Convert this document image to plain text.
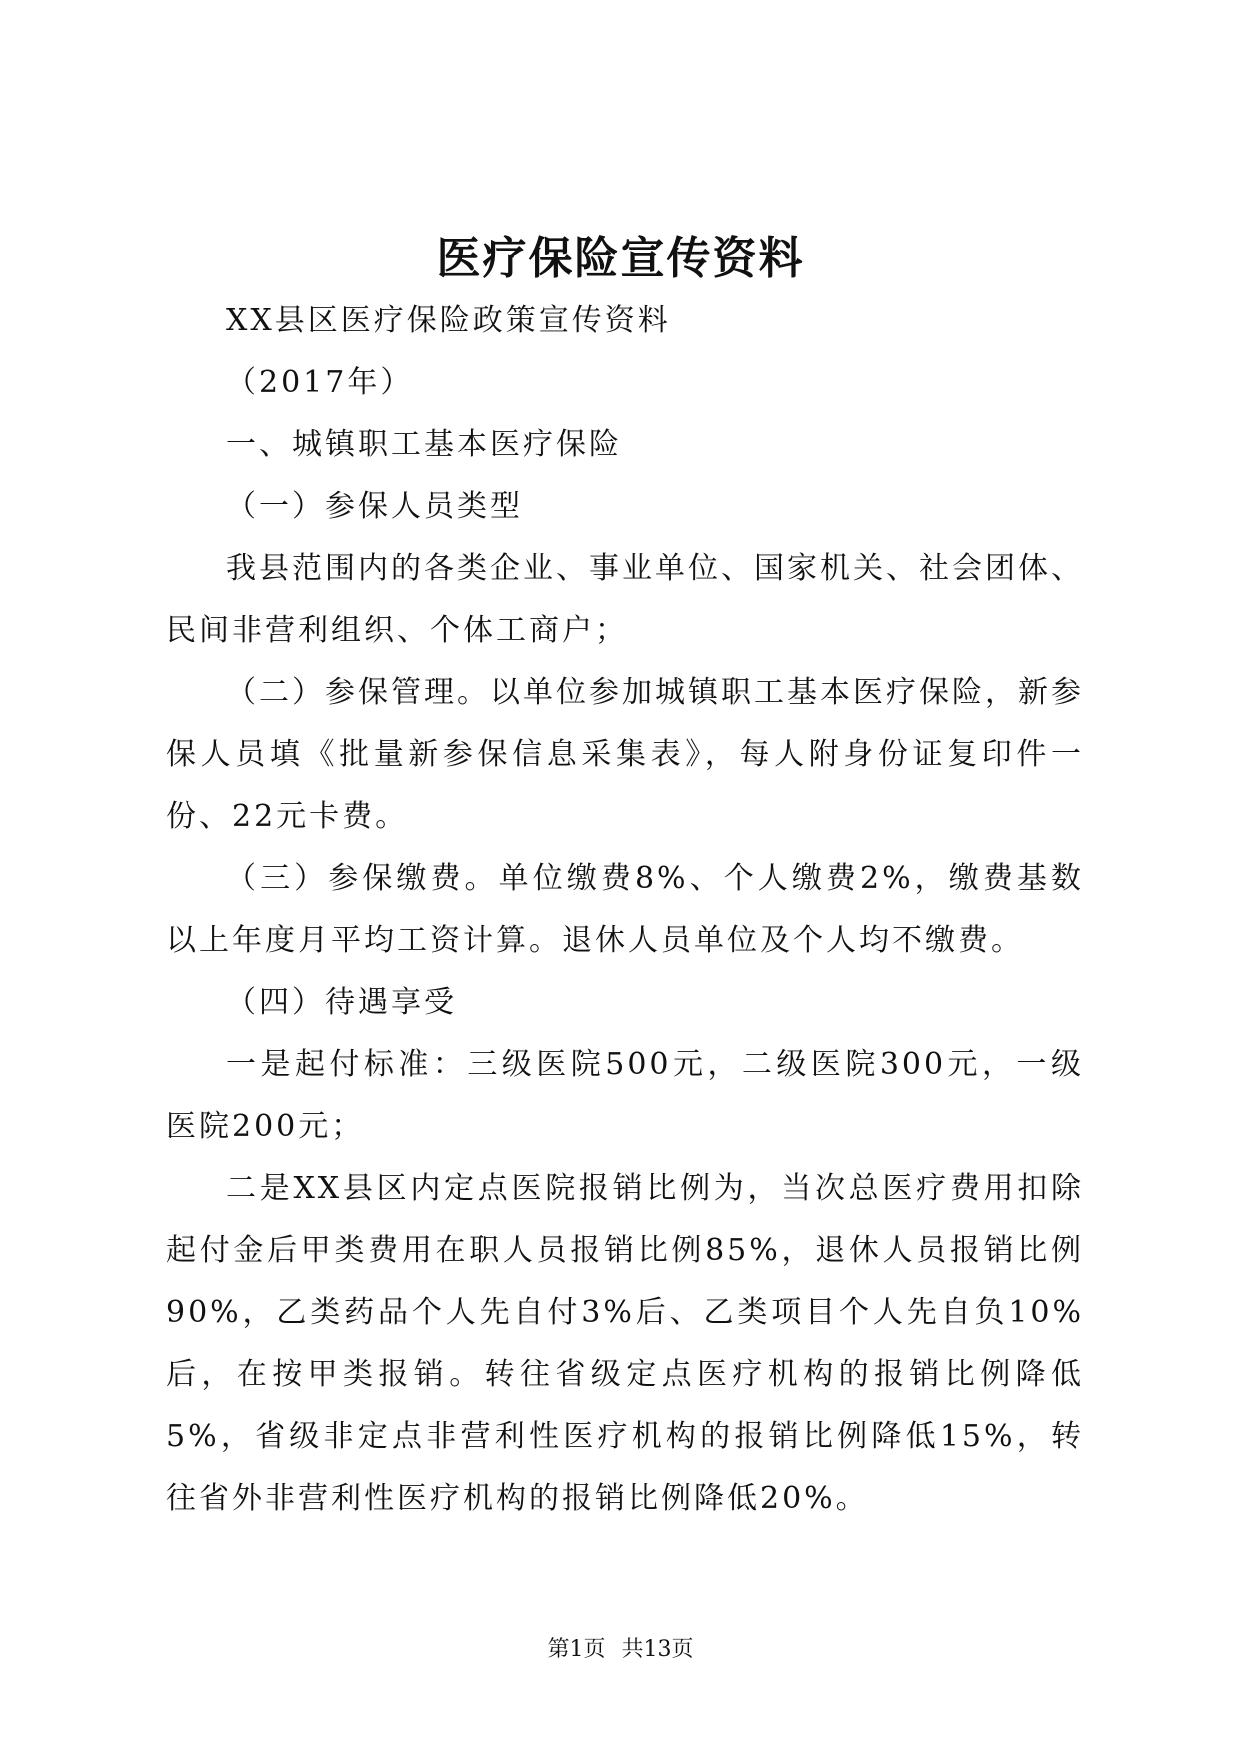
医疗保险宣传资料

XX县区医疗保险政策宣传资料

（2017年）

一、城镇职工基本医疗保险

（一）参保人员类型

我县范围内的各类企业、事业单位、国家机关、社会团体、民间非营利组织、个体工商户；

（二）参保管理。以单位参加城镇职工基本医疗保险，新参保人员填《批量新参保信息采集表》，每人附身份证复印件一份、22元卡费。

（三）参保缴费。单位缴费8%、个人缴费2%，缴费基数以上年度月平均工资计算。退休人员单位及个人均不缴费。

（四）待遇享受

一是起付标准：三级医院500元，二级医院300元，一级医院200元；

二是XX县区内定点医院报销比例为，当次总医疗费用扣除起付金后甲类费用在职人员报销比例85%，退休人员报销比例90%，乙类药品个人先自付3%后、乙类项目个人先自负10%后，在按甲类报销。转往省级定点医疗机构的报销比例降低5%，省级非定点非营利性医疗机构的报销比例降低15%，转往省外非营利性医疗机构的报销比例降低20%。

第1页 共13页
